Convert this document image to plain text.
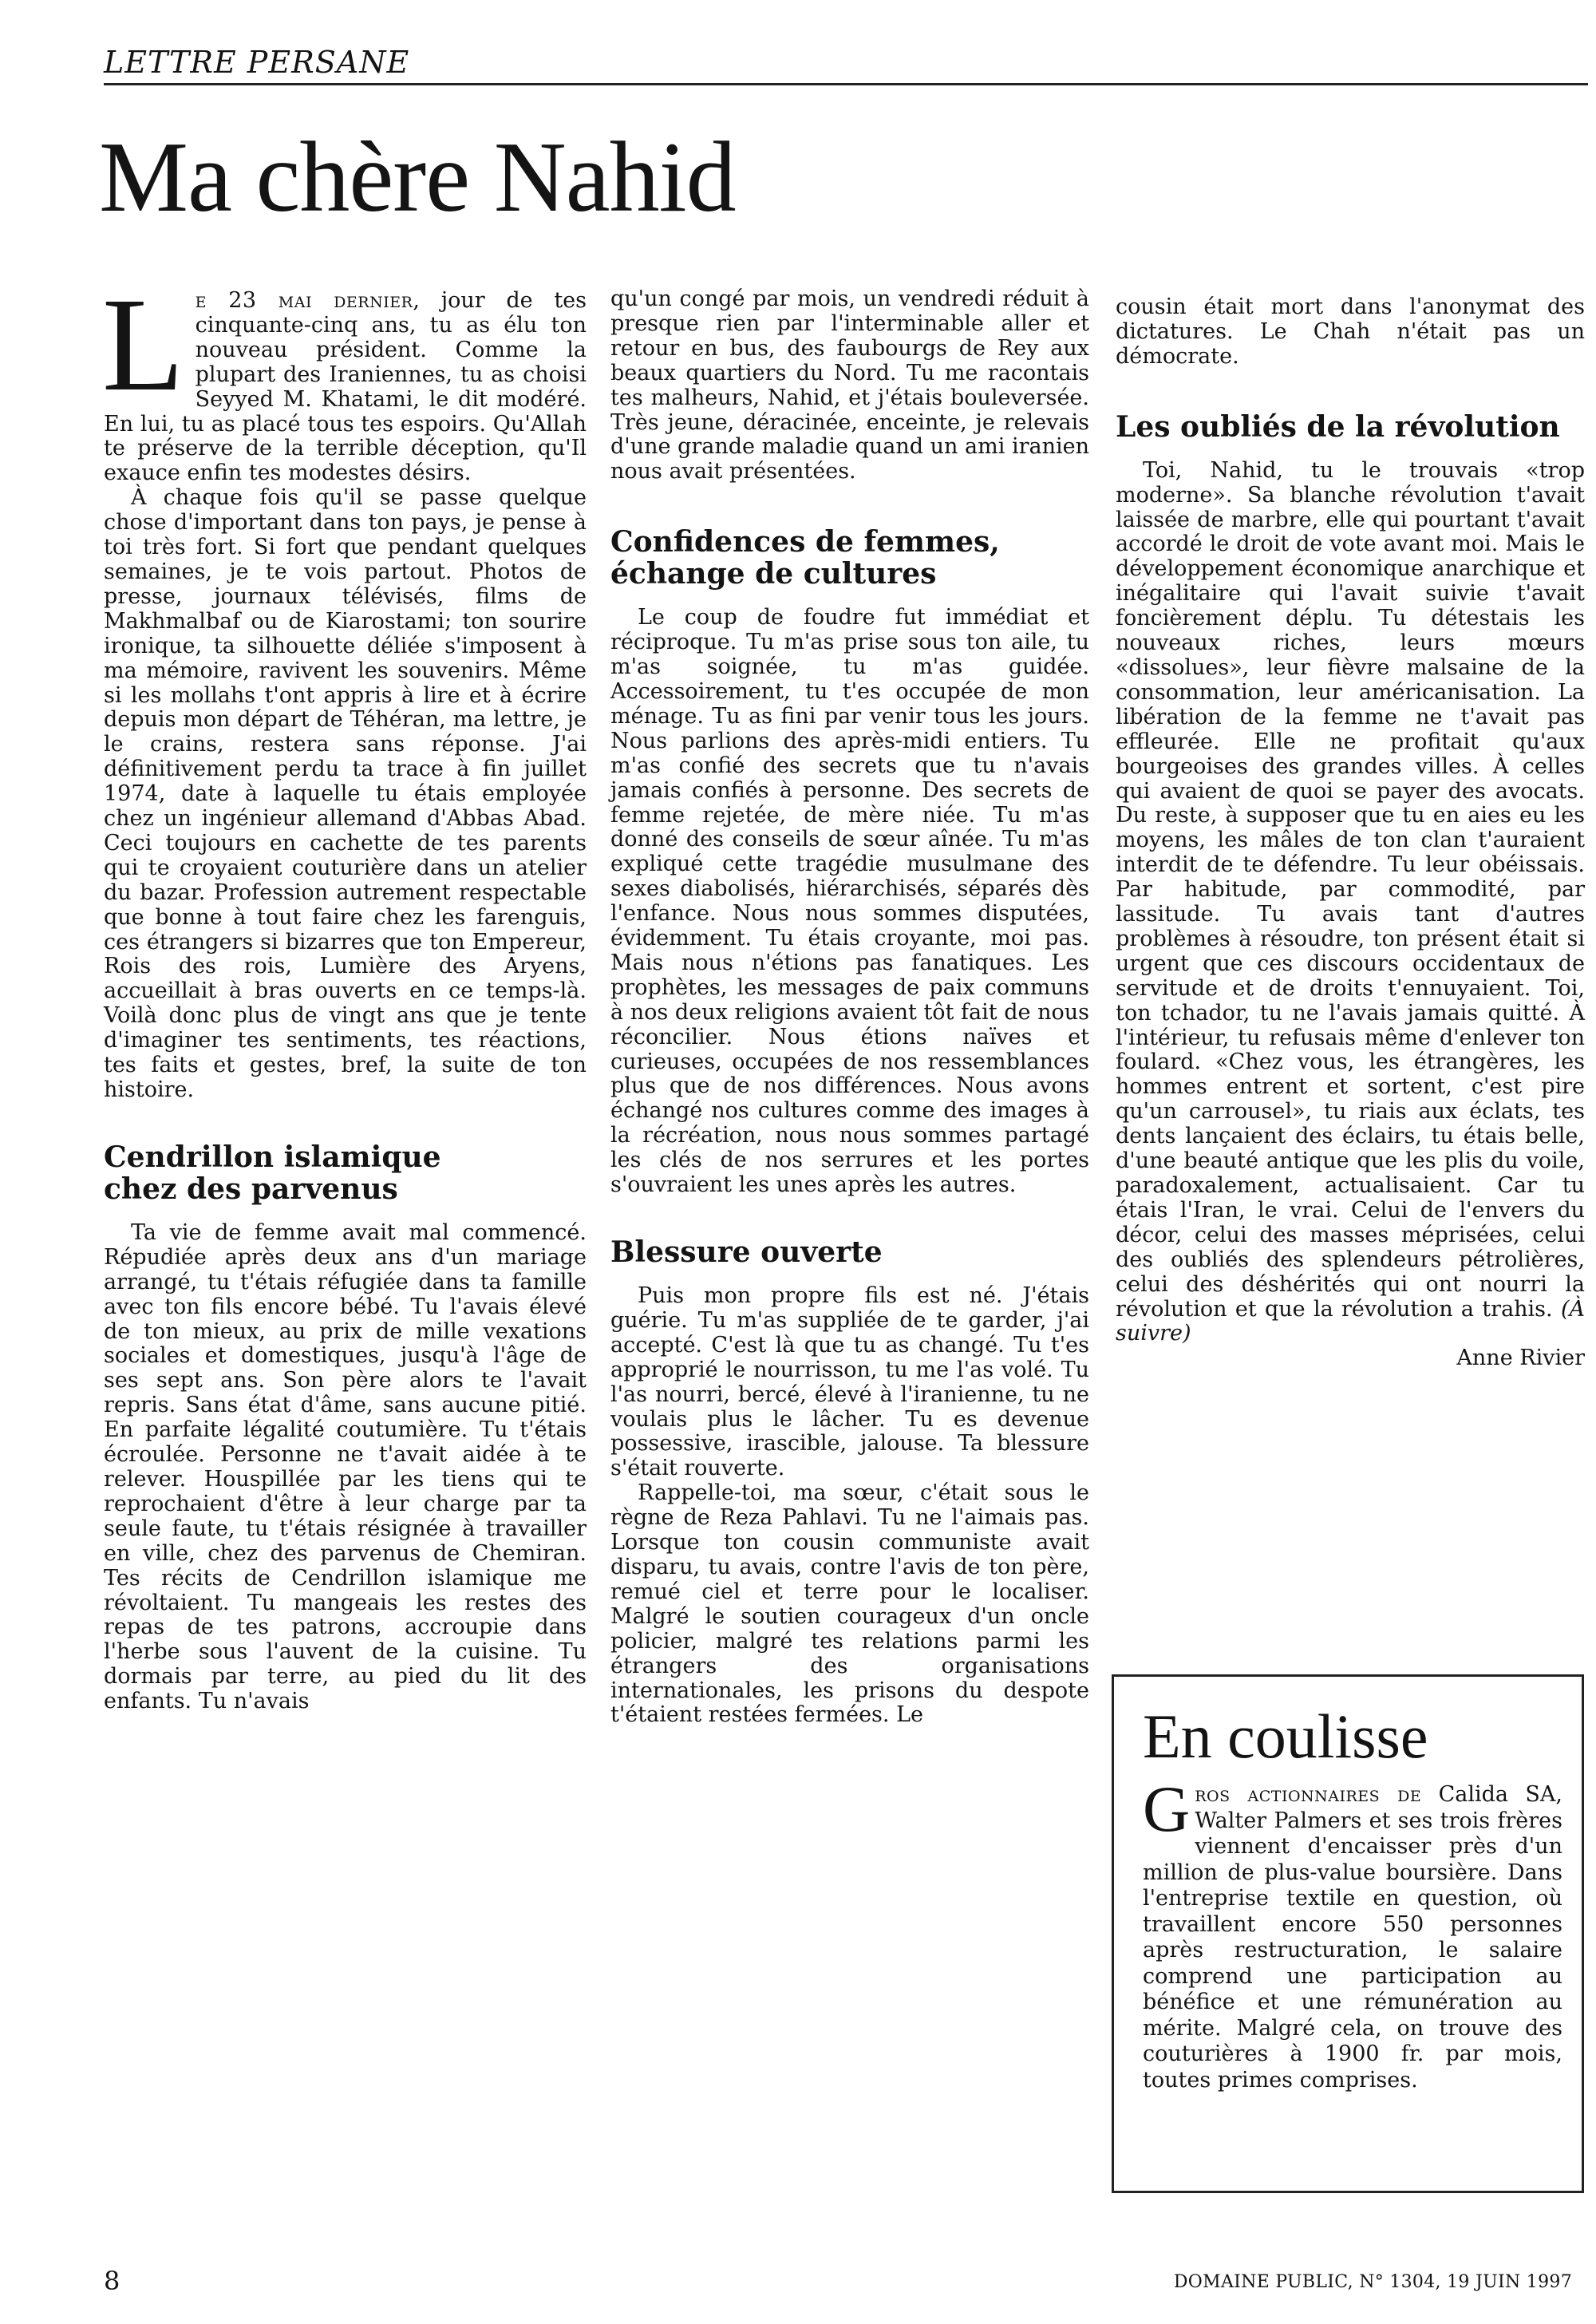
LETTRE PERSANE
Ma chère Nahid

Le 23 mai dernier, jour de tes cinquante-cinq ans, tu as élu ton nouveau président. Comme la plupart des Iraniennes, tu as choisi Seyyed M. Khatami, le dit modéré. En lui, tu as placé tous tes espoirs. Qu'Allah te préserve de la terrible déception, qu'Il exauce enfin tes modestes désirs.

À chaque fois qu'il se passe quelque chose d'important dans ton pays, je pense à toi très fort. Si fort que pendant quelques semaines, je te vois partout. Photos de presse, journaux télévisés, films de Makhmalbaf ou de Kiarostami; ton sourire ironique, ta silhouette déliée s'imposent à ma mémoire, ravivent les souvenirs. Même si les mollahs t'ont appris à lire et à écrire depuis mon départ de Téhéran, ma lettre, je le crains, restera sans réponse. J'ai définitivement perdu ta trace à fin juillet 1974, date à laquelle tu étais employée chez un ingénieur allemand d'Abbas Abad. Ceci toujours en cachette de tes parents qui te croyaient couturière dans un atelier du bazar. Profession autrement respectable que bonne à tout faire chez les farenguis, ces étrangers si bizarres que ton Empereur, Rois des rois, Lumière des Aryens, accueillait à bras ouverts en ce temps-là. Voilà donc plus de vingt ans que je tente d'imaginer tes sentiments, tes réactions, tes faits et gestes, bref, la suite de ton histoire.

Cendrillon islamique
chez des parvenus

Ta vie de femme avait mal commencé. Répudiée après deux ans d'un mariage arrangé, tu t'étais réfugiée dans ta famille avec ton fils encore bébé. Tu l'avais élevé de ton mieux, au prix de mille vexations sociales et domestiques, jusqu'à l'âge de ses sept ans. Son père alors te l'avait repris. Sans état d'âme, sans aucune pitié. En parfaite légalité coutumière. Tu t'étais écroulée. Personne ne t'avait aidée à te relever. Houspillée par les tiens qui te reprochaient d'être à leur charge par ta seule faute, tu t'étais résignée à travailler en ville, chez des parvenus de Chemiran. Tes récits de Cendrillon islamique me révoltaient. Tu mangeais les restes des repas de tes patrons, accroupie dans l'herbe sous l'auvent de la cuisine. Tu dormais par terre, au pied du lit des enfants. Tu n'avais

qu'un congé par mois, un vendredi réduit à presque rien par l'interminable aller et retour en bus, des faubourgs de Rey aux beaux quartiers du Nord. Tu me racontais tes malheurs, Nahid, et j'étais bouleversée. Très jeune, déracinée, enceinte, je relevais d'une grande maladie quand un ami iranien nous avait présentées.

Confidences de femmes,
échange de cultures

Le coup de foudre fut immédiat et réciproque. Tu m'as prise sous ton aile, tu m'as soignée, tu m'as guidée. Accessoirement, tu t'es occupée de mon ménage. Tu as fini par venir tous les jours. Nous parlions des après-midi entiers. Tu m'as confié des secrets que tu n'avais jamais confiés à personne. Des secrets de femme rejetée, de mère niée. Tu m'as donné des conseils de sœur aînée. Tu m'as expliqué cette tragédie musulmane des sexes diabolisés, hiérarchisés, séparés dès l'enfance. Nous nous sommes disputées, évidemment. Tu étais croyante, moi pas. Mais nous n'étions pas fanatiques. Les prophètes, les messages de paix communs à nos deux religions avaient tôt fait de nous réconcilier. Nous étions naïves et curieuses, occupées de nos ressemblances plus que de nos différences. Nous avons échangé nos cultures comme des images à la récréation, nous nous sommes partagé les clés de nos serrures et les portes s'ouvraient les unes après les autres.

Blessure ouverte

Puis mon propre fils est né. J'étais guérie. Tu m'as suppliée de te garder, j'ai accepté. C'est là que tu as changé. Tu t'es approprié le nourrisson, tu me l'as volé. Tu l'as nourri, bercé, élevé à l'iranienne, tu ne voulais plus le lâcher. Tu es devenue possessive, irascible, jalouse. Ta blessure s'était rouverte.

Rappelle-toi, ma sœur, c'était sous le règne de Reza Pahlavi. Tu ne l'aimais pas. Lorsque ton cousin communiste avait disparu, tu avais, contre l'avis de ton père, remué ciel et terre pour le localiser. Malgré le soutien courageux d'un oncle policier, malgré tes relations parmi les étrangers des organisations internationales, les prisons du despote t'étaient restées fermées. Le

cousin était mort dans l'anonymat des dictatures. Le Chah n'était pas un démocrate.

Les oubliés de la révolution

Toi, Nahid, tu le trouvais «trop moderne». Sa blanche révolution t'avait laissée de marbre, elle qui pourtant t'avait accordé le droit de vote avant moi. Mais le développement économique anarchique et inégalitaire qui l'avait suivie t'avait foncièrement déplu. Tu détestais les nouveaux riches, leurs mœurs «dissolues», leur fièvre malsaine de la consommation, leur américanisation. La libération de la femme ne t'avait pas effleurée. Elle ne profitait qu'aux bourgeoises des grandes villes. À celles qui avaient de quoi se payer des avocats. Du reste, à supposer que tu en aies eu les moyens, les mâles de ton clan t'auraient interdit de te défendre. Tu leur obéissais. Par habitude, par commodité, par lassitude. Tu avais tant d'autres problèmes à résoudre, ton présent était si urgent que ces discours occidentaux de servitude et de droits t'ennuyaient. Toi, ton tchador, tu ne l'avais jamais quitté. À l'intérieur, tu refusais même d'enlever ton foulard. «Chez vous, les étrangères, les hommes entrent et sortent, c'est pire qu'un carrousel», tu riais aux éclats, tes dents lançaient des éclairs, tu étais belle, d'une beauté antique que les plis du voile, paradoxalement, actualisaient. Car tu étais l'Iran, le vrai. Celui de l'envers du décor, celui des masses méprisées, celui des oubliés des splendeurs pétrolières, celui des déshérités qui ont nourri la révolution et que la révolution a trahis. (À suivre)

Anne Rivier

En coulisse

Gros actionnaires de Calida SA, Walter Palmers et ses trois frères viennent d'encaisser près d'un million de plus-value boursière. Dans l'entreprise textile en question, où travaillent encore 550 personnes après restructuration, le salaire comprend une participation au bénéfice et une rémunération au mérite. Malgré cela, on trouve des couturières à 1900 fr. par mois, toutes primes comprises.

8	DOMAINE PUBLIC, N° 1304, 19 JUIN 1997
